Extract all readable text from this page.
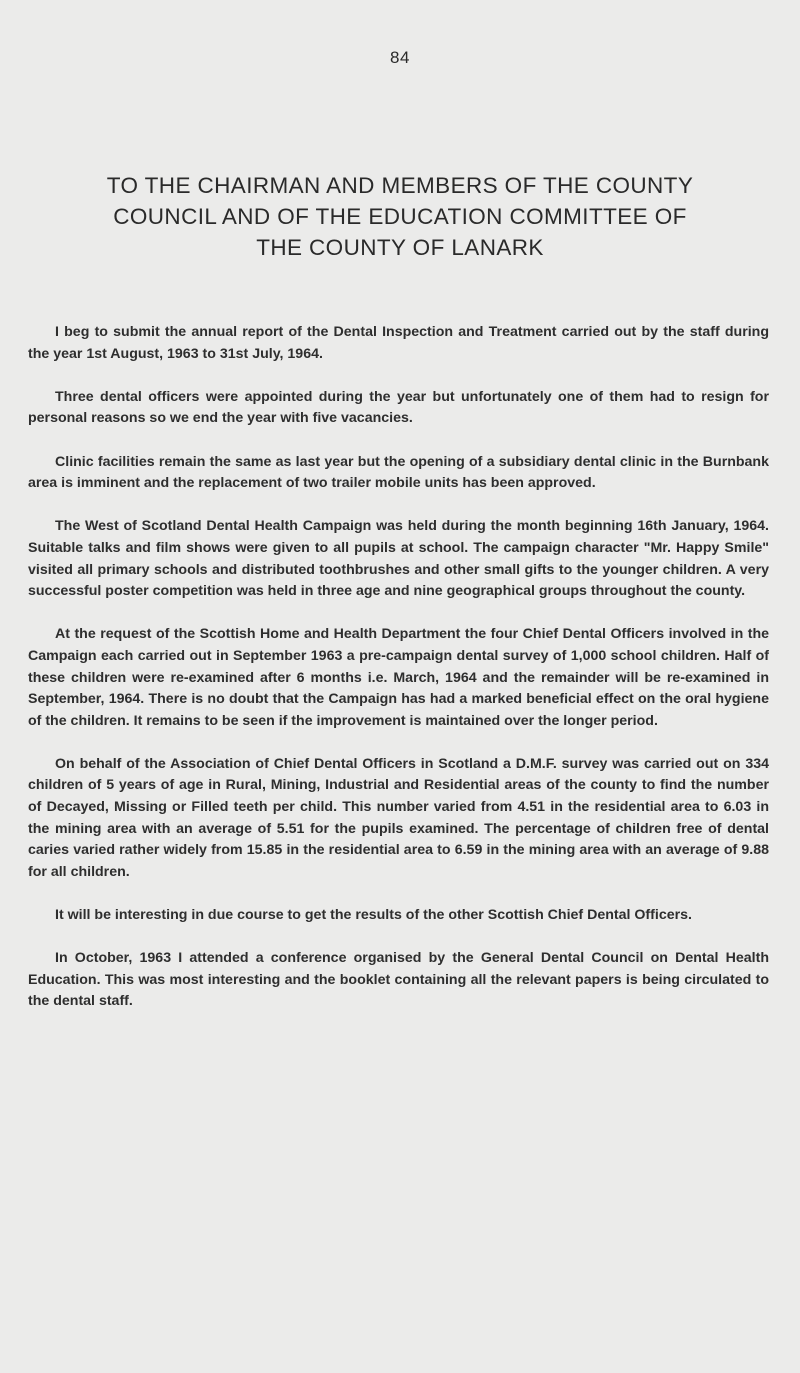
84
TO THE CHAIRMAN AND MEMBERS OF THE COUNTY
COUNCIL AND OF THE EDUCATION COMMITTEE OF
THE COUNTY OF LANARK

I beg to submit the annual report of the Dental Inspection and Treatment carried out by the staff during the year 1st August, 1963 to 31st July, 1964.

Three dental officers were appointed during the year but unfortunately one of them had to resign for personal reasons so we end the year with five vacancies.

Clinic facilities remain the same as last year but the opening of a subsidiary dental clinic in the Burnbank area is imminent and the replacement of two trailer mobile units has been approved.

The West of Scotland Dental Health Campaign was held during the month beginning 16th January, 1964. Suitable talks and film shows were given to all pupils at school. The campaign character "Mr. Happy Smile" visited all primary schools and distributed toothbrushes and other small gifts to the younger children. A very successful poster competition was held in three age and nine geographical groups throughout the county.

At the request of the Scottish Home and Health Department the four Chief Dental Officers involved in the Campaign each carried out in September 1963 a pre-campaign dental survey of 1,000 school children. Half of these children were re-examined after 6 months i.e. March, 1964 and the remainder will be re-examined in September, 1964. There is no doubt that the Campaign has had a marked beneficial effect on the oral hygiene of the children. It remains to be seen if the improvement is maintained over the longer period.

On behalf of the Association of Chief Dental Officers in Scotland a D.M.F. survey was carried out on 334 children of 5 years of age in Rural, Mining, Industrial and Residential areas of the county to find the number of Decayed, Missing or Filled teeth per child. This number varied from 4.51 in the residential area to 6.03 in the mining area with an average of 5.51 for the pupils examined. The percentage of children free of dental caries varied rather widely from 15.85 in the residential area to 6.59 in the mining area with an average of 9.88 for all children.

It will be interesting in due course to get the results of the other Scottish Chief Dental Officers.

In October, 1963 I attended a conference organised by the General Dental Council on Dental Health Education. This was most interesting and the booklet containing all the relevant papers is being circulated to the dental staff.
